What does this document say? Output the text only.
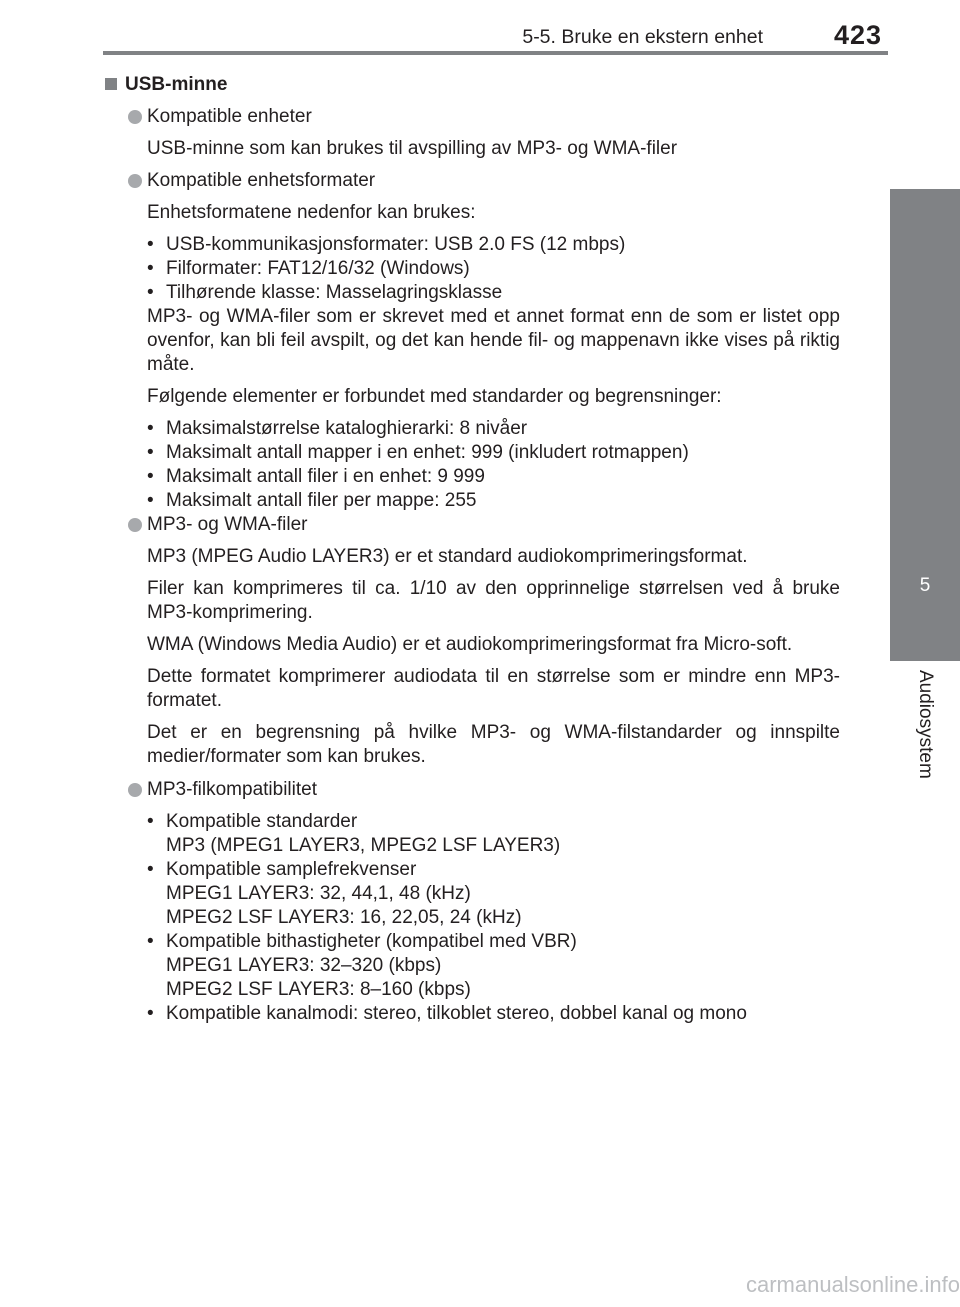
5-5. Bruke en ekstern enhet	423
5
Audiosystem
USB-minne
Kompatible enheter
USB-minne som kan brukes til avspilling av MP3- og WMA-filer
Kompatible enhetsformater
Enhetsformatene nedenfor kan brukes:
• USB-kommunikasjonsformater: USB 2.0 FS (12 mbps)
• Filformater: FAT12/16/32 (Windows)
• Tilhørende klasse: Masselagringsklasse
MP3- og WMA-filer som er skrevet med et annet format enn de som er listet opp ovenfor, kan bli feil avspilt, og det kan hende fil- og mappenavn ikke vises på riktig måte.
Følgende elementer er forbundet med standarder og begrensninger:
• Maksimalstørrelse kataloghierarki: 8 nivåer
• Maksimalt antall mapper i en enhet: 999 (inkludert rotmappen)
• Maksimalt antall filer i en enhet: 9 999
• Maksimalt antall filer per mappe: 255
MP3- og WMA-filer
MP3 (MPEG Audio LAYER3) er et standard audiokomprimeringsformat.
Filer kan komprimeres til ca. 1/10 av den opprinnelige størrelsen ved å bruke MP3-komprimering.
WMA (Windows Media Audio) er et audiokomprimeringsformat fra Micro-soft.
Dette formatet komprimerer audiodata til en størrelse som er mindre enn MP3-formatet.
Det er en begrensning på hvilke MP3- og WMA-filstandarder og innspilte medier/formater som kan brukes.
MP3-filkompatibilitet
• Kompatible standarder
MP3 (MPEG1 LAYER3, MPEG2 LSF LAYER3)
• Kompatible samplefrekvenser
MPEG1 LAYER3: 32, 44,1, 48 (kHz)
MPEG2 LSF LAYER3: 16, 22,05, 24 (kHz)
• Kompatible bithastigheter (kompatibel med VBR)
MPEG1 LAYER3: 32–320 (kbps)
MPEG2 LSF LAYER3: 8–160 (kbps)
• Kompatible kanalmodi: stereo, tilkoblet stereo, dobbel kanal og mono
carmanualsonline.info
